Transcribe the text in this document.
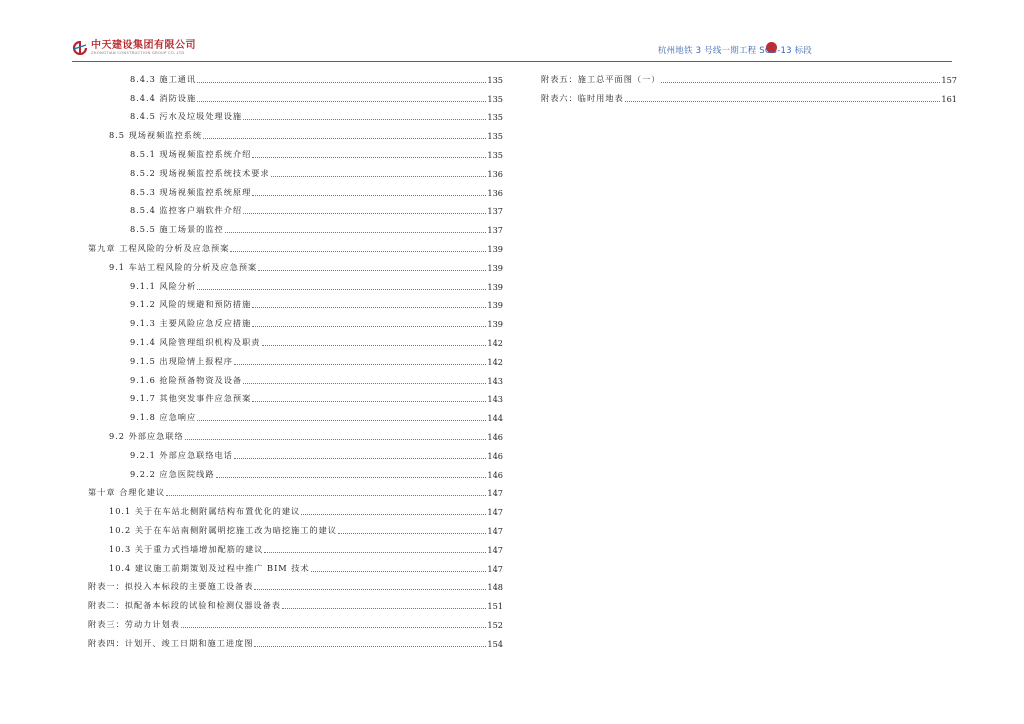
中天建设集团有限公司
ZHONGTIAN CONSTRUCTION GROUP CO.,LTD	杭州地铁 3 号线一期工程 SG3-13 标段
8.4.3 施工通讯	135
8.4.4 消防设施	135
8.4.5 污水及垃圾处理设施	135
8.5 现场视频监控系统	135
8.5.1 现场视频监控系统介绍	135
8.5.2 现场视频监控系统技术要求	136
8.5.3 现场视频监控系统原理	136
8.5.4 监控客户端软件介绍	137
8.5.5 施工场景的监控	137
第九章 工程风险的分析及应急预案	139
9.1 车站工程风险的分析及应急预案	139
9.1.1 风险分析	139
9.1.2 风险的规避和预防措施	139
9.1.3 主要风险应急反应措施	139
9.1.4 风险管理组织机构及职责	142
9.1.5 出现险情上报程序	142
9.1.6 抢险预备物资及设备	143
9.1.7 其他突发事件应急预案	143
9.1.8 应急响应	144
9.2 外部应急联络	146
9.2.1 外部应急联络电话	146
9.2.2 应急医院线路	146
第十章 合理化建议	147
10.1 关于在车站北侧附属结构布置优化的建议	147
10.2 关于在车站南侧附属明挖施工改为暗挖施工的建议	147
10.3 关于重力式挡墙增加配筋的建议	147
10.4 建议施工前期策划及过程中推广 BIM 技术	147
附表一：拟投入本标段的主要施工设备表	148
附表二：拟配备本标段的试验和检测仪器设备表	151
附表三：劳动力计划表	152
附表四：计划开、竣工日期和施工进度图	154
附表五：施工总平面图（一）	157
附表六：临时用地表	161
